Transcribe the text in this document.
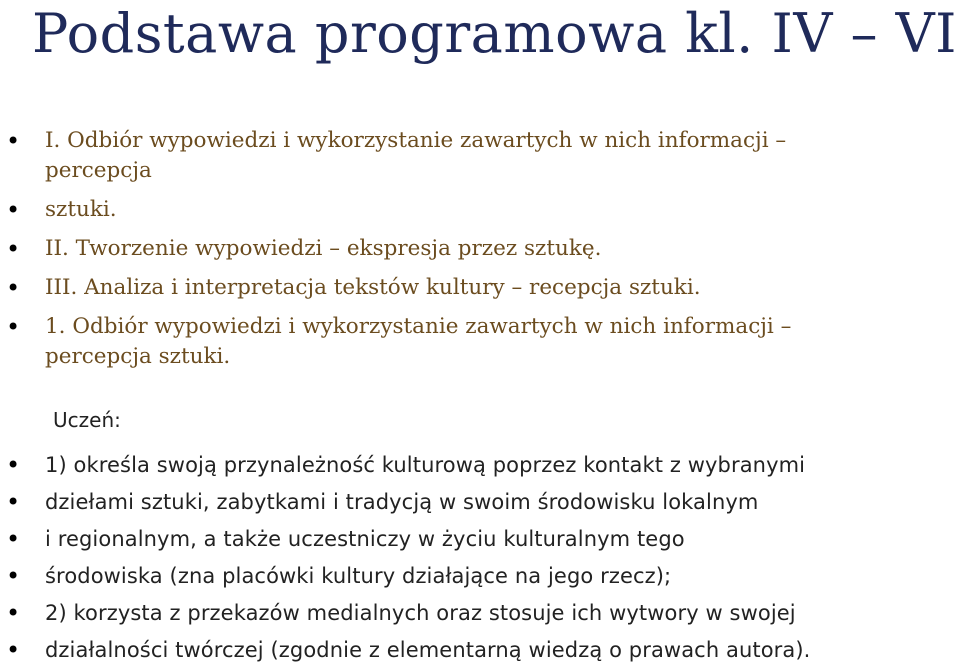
Podstawa programowa kl. IV – VI
• I. Odbiór wypowiedzi i wykorzystanie zawartych w nich informacji –
percepcja
• sztuki.
• II. Tworzenie wypowiedzi – ekspresja przez sztukę.
• III. Analiza i interpretacja tekstów kultury – recepcja sztuki.
• 1. Odbiór wypowiedzi i wykorzystanie zawartych w nich informacji –
percepcja sztuki.
Uczeń:
• 1) określa swoją przynależność kulturową poprzez kontakt z wybranymi
• dziełami sztuki, zabytkami i tradycją w swoim środowisku lokalnym
• i regionalnym, a także uczestniczy w życiu kulturalnym tego
• środowiska (zna placówki kultury działające na jego rzecz);
• 2) korzysta z przekazów medialnych oraz stosuje ich wytwory w swojej
• działalności twórczej (zgodnie z elementarną wiedzą o prawach autora).
